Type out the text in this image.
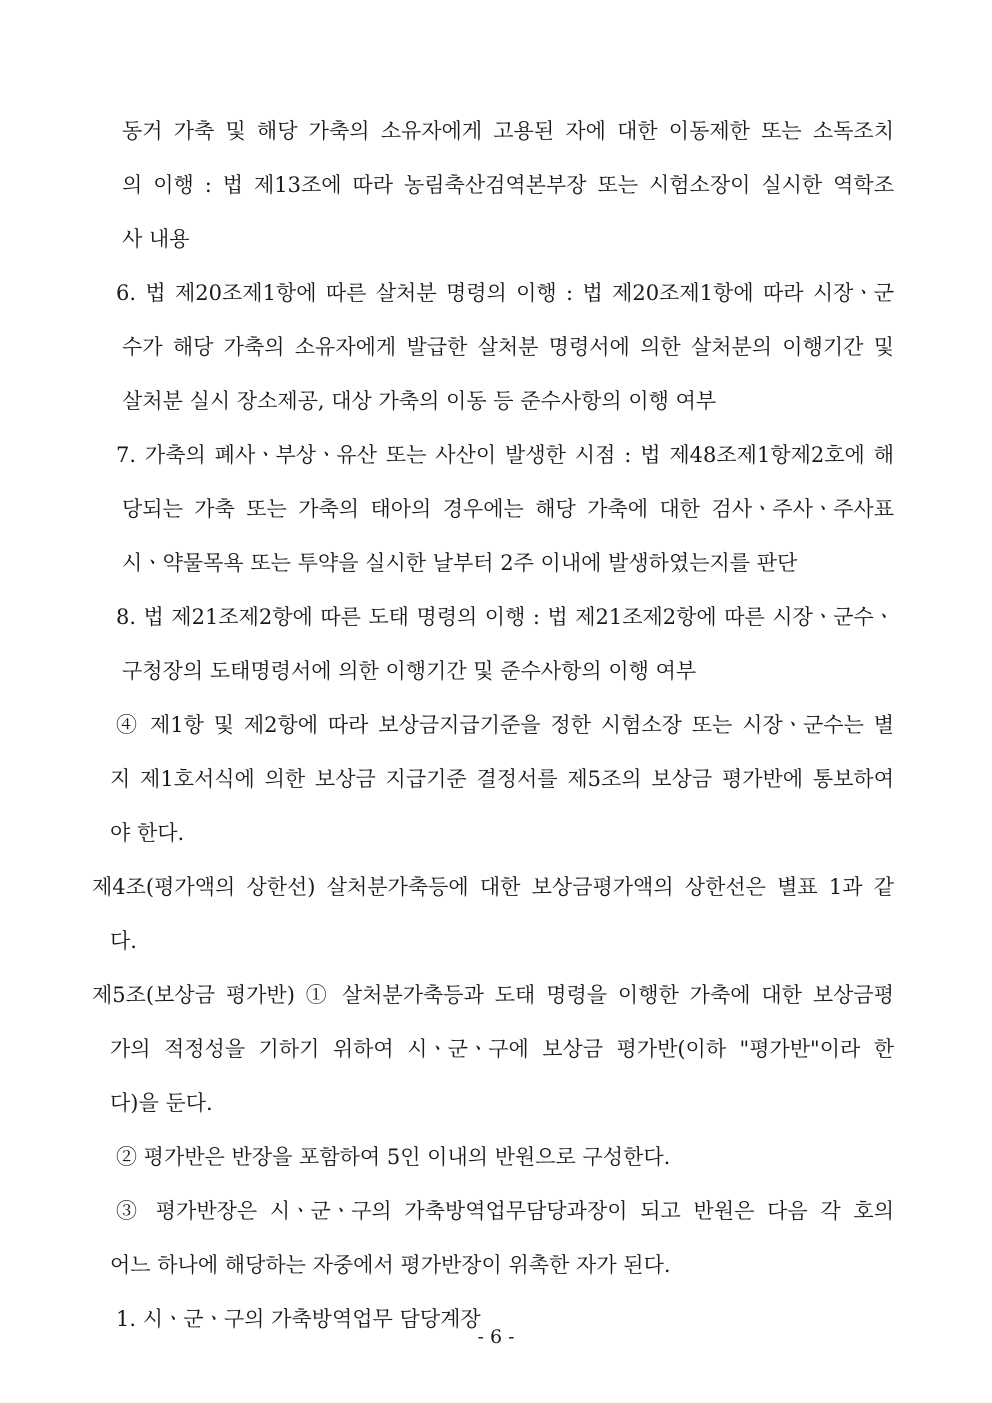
동거 가축 및 해당 가축의 소유자에게 고용된 자에 대한 이동제한 또는 소독조치
의 이행 : 법 제13조에 따라 농림축산검역본부장 또는 시험소장이 실시한 역학조
사 내용
6. 법 제20조제1항에 따른 살처분 명령의 이행 : 법 제20조제1항에 따라 시장ㆍ군
수가 해당 가축의 소유자에게 발급한 살처분 명령서에 의한 살처분의 이행기간 및
살처분 실시 장소제공, 대상 가축의 이동 등 준수사항의 이행 여부
7. 가축의 폐사ㆍ부상ㆍ유산 또는 사산이 발생한 시점 : 법 제48조제1항제2호에 해
당되는 가축 또는 가축의 태아의 경우에는 해당 가축에 대한 검사ㆍ주사ㆍ주사표
시ㆍ약물목욕 또는 투약을 실시한 날부터 2주 이내에 발생하였는지를 판단
8. 법 제21조제2항에 따른 도태 명령의 이행 : 법 제21조제2항에 따른 시장ㆍ군수ㆍ
구청장의 도태명령서에 의한 이행기간 및 준수사항의 이행 여부
④ 제1항 및 제2항에 따라 보상금지급기준을 정한 시험소장 또는 시장ㆍ군수는 별
지 제1호서식에 의한 보상금 지급기준 결정서를 제5조의 보상금 평가반에 통보하여
야 한다.
제4조(평가액의 상한선) 살처분가축등에 대한 보상금평가액의 상한선은 별표 1과 같
다.
제5조(보상금 평가반) ① 살처분가축등과 도태 명령을 이행한 가축에 대한 보상금평
가의 적정성을 기하기 위하여 시ㆍ군ㆍ구에 보상금 평가반(이하 "평가반"이라 한
다)을 둔다.
② 평가반은 반장을 포함하여 5인 이내의 반원으로 구성한다.
③ 평가반장은 시ㆍ군ㆍ구의 가축방역업무담당과장이 되고 반원은 다음 각 호의
어느 하나에 해당하는 자중에서 평가반장이 위촉한 자가 된다.
1. 시ㆍ군ㆍ구의 가축방역업무 담당계장
- 6 -
